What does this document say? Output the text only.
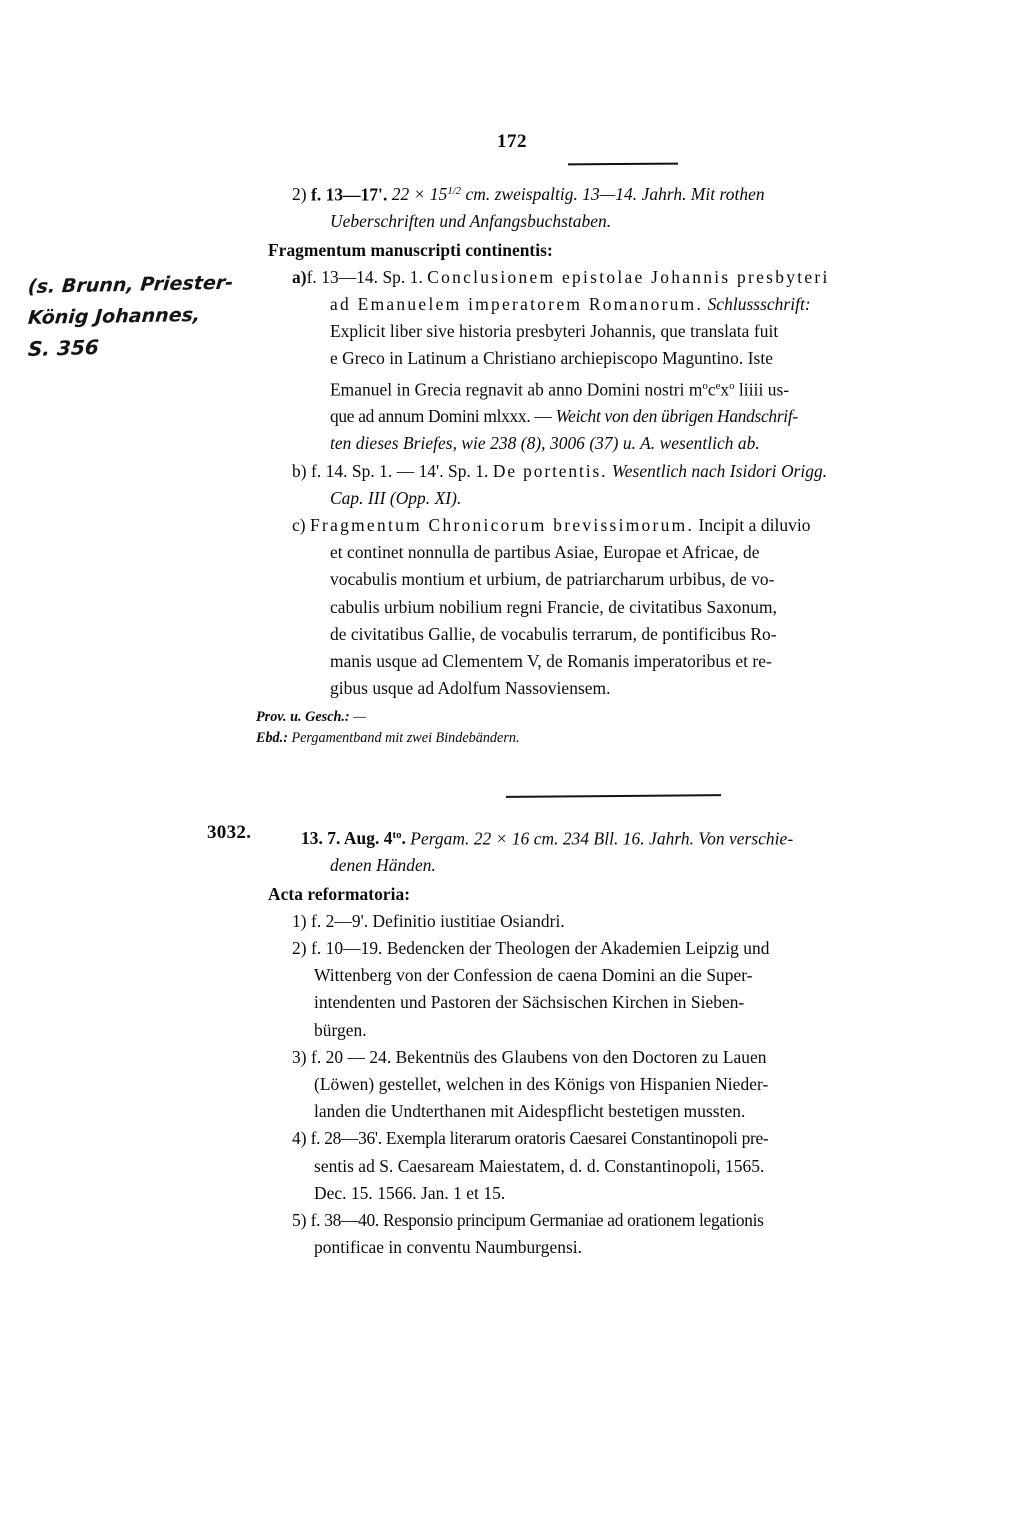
172
(s. Brunn, Priester-
König Johannes,
S. 356
2) f. 13—17'. $22 \times 15^{1/2}$ cm. zweispaltig. 13—14. Jahrh. Mit rothen
Ueberschriften und Anfangsbuchstaben.
Fragmentum manuscripti continentis:
a) f. 13—14. Sp. 1. Conclusionem epistolae Johannis presbyteri
ad Emanuelem imperatorem Romanorum. Schlussschrift:
Explicit liber sive historia presbyteri Johannis, que translata fuit
e Greco in Latinum a Christiano archiepiscopo Maguntino. Iste
Emanuel in Grecia regnavit ab anno Domini nostri $m^oc^ex^o$ liiii us-
que ad annum Domini mlxxx. — Weicht von den übrigen Handschrif-
ten dieses Briefes, wie 238 (8), 3006 (37) u. A. wesentlich ab.
b) f. 14. Sp. 1. — 14'. Sp. 1. De portentis. Wesentlich nach Isidori Origg.
Cap. III (Opp. XI).
c) Fragmentum Chronicorum brevissimorum. Incipit a diluvio
et continet nonnulla de partibus Asiae, Europae et Africae, de
vocabulis montium et urbium, de patriarcharum urbibus, de vo-
cabulis urbium nobilium regni Francie, de civitatibus Saxonum,
de civitatibus Gallie, de vocabulis terrarum, de pontificibus Ro-
manis usque ad Clementem V, de Romanis imperatoribus et re-
gibus usque ad Adolfum Nassoviensem.
Prov. u. Gesch.: —
Ebd.: Pergamentband mit zwei Bindebändern.
3032.	13. 7. Aug. $4^{to}$. Pergam. 22 × 16 cm. 234 Bll. 16. Jahrh. Von verschie-
denen Händen.
Acta reformatoria:
1) f. 2—9'. Definitio iustitiae Osiandri.
2) f. 10—19. Bedencken der Theologen der Akademien Leipzig und
Wittenberg von der Confession de caena Domini an die Super-
intendenten und Pastoren der Sächsischen Kirchen in Sieben-
bürgen.
3) f. 20 — 24. Bekentnüs des Glaubens von den Doctoren zu Lauen
(Löwen) gestellet, welchen in des Königs von Hispanien Nieder-
landen die Undterthanen mit Aidespflicht bestetigen mussten.
4) f. 28—36'. Exempla literarum oratoris Caesarei Constantinopoli pre-
sentis ad S. Caesaream Maiestatem, d. d. Constantinopoli, 1565.
Dec. 15. 1566. Jan. 1 et 15.
5) f. 38—40. Responsio principum Germaniae ad orationem legationis
pontificae in conventu Naumburgensi.
